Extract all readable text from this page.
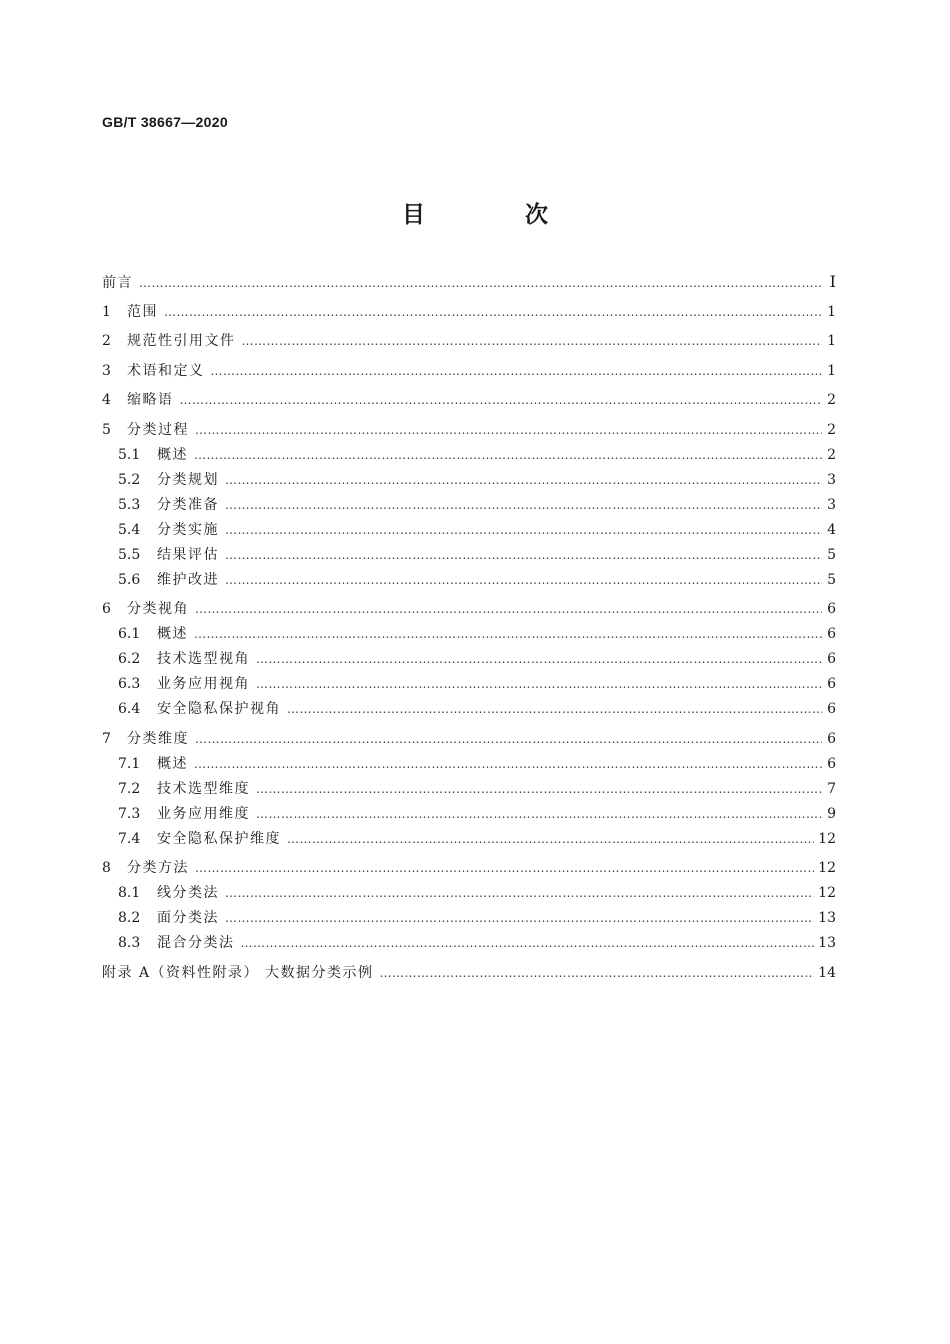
GB/T 38667—2020
目 次
前言 ………………………………………………………………………………………………………………………………………………………………………………………………………………………………………	Ⅰ
1	范围 ………………………………………………………………………………………………………………………………………………………………………………………………………………………………………	1
2	规范性引用文件 ………………………………………………………………………………………………………………………………………………………………………………………………………………………………………	1
3	术语和定义 ………………………………………………………………………………………………………………………………………………………………………………………………………………………………………	1
4	缩略语 ………………………………………………………………………………………………………………………………………………………………………………………………………………………………………	2
5	分类过程 ………………………………………………………………………………………………………………………………………………………………………………………………………………………………………	2
5.1	概述 ………………………………………………………………………………………………………………………………………………………………………………………………………………………………………	2
5.2	分类规划 ………………………………………………………………………………………………………………………………………………………………………………………………………………………………………	3
5.3	分类准备 ………………………………………………………………………………………………………………………………………………………………………………………………………………………………………	3
5.4	分类实施 ………………………………………………………………………………………………………………………………………………………………………………………………………………………………………	4
5.5	结果评估 ………………………………………………………………………………………………………………………………………………………………………………………………………………………………………	5
5.6	维护改进 ………………………………………………………………………………………………………………………………………………………………………………………………………………………………………	5
6	分类视角 ………………………………………………………………………………………………………………………………………………………………………………………………………………………………………	6
6.1	概述 ………………………………………………………………………………………………………………………………………………………………………………………………………………………………………	6
6.2	技术选型视角 ………………………………………………………………………………………………………………………………………………………………………………………………………………………………………	6
6.3	业务应用视角 ………………………………………………………………………………………………………………………………………………………………………………………………………………………………………	6
6.4	安全隐私保护视角 ………………………………………………………………………………………………………………………………………………………………………………………………………………………………………	6
7	分类维度 ………………………………………………………………………………………………………………………………………………………………………………………………………………………………………	6
7.1	概述 ………………………………………………………………………………………………………………………………………………………………………………………………………………………………………	6
7.2	技术选型维度 ………………………………………………………………………………………………………………………………………………………………………………………………………………………………………	7
7.3	业务应用维度 ………………………………………………………………………………………………………………………………………………………………………………………………………………………………………	9
7.4	安全隐私保护维度 ………………………………………………………………………………………………………………………………………………………………………………………………………………………………………	12
8	分类方法 ………………………………………………………………………………………………………………………………………………………………………………………………………………………………………	12
8.1	线分类法 ………………………………………………………………………………………………………………………………………………………………………………………………………………………………………	12
8.2	面分类法 ………………………………………………………………………………………………………………………………………………………………………………………………………………………………………	13
8.3	混合分类法 ………………………………………………………………………………………………………………………………………………………………………………………………………………………………………	13
附录 A（资料性附录） 大数据分类示例 ………………………………………………………………………………………………………………………………………………………………………………………………………………………………………	14
